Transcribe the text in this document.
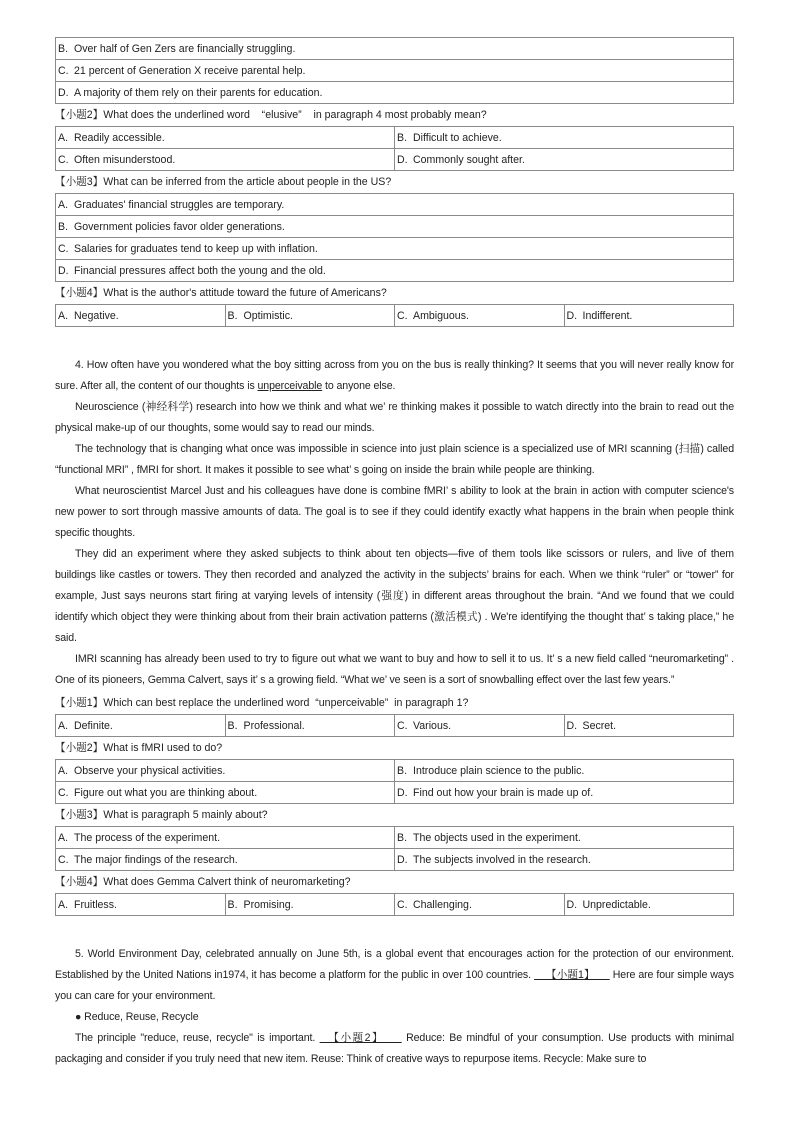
B. Over half of Gen Zers are financially struggling.
C. 21 percent of Generation X receive parental help.
D. A majority of them rely on their parents for education.
【小题2】What does the underlined word    “elusive”    in paragraph 4 most probably mean?
A. Readily accessible.	B. Difficult to achieve.
C. Often misunderstood.	D. Commonly sought after.
【小题3】What can be inferred from the article about people in the US?
A. Graduates' financial struggles are temporary.
B. Government policies favor older generations.
C. Salaries for graduates tend to keep up with inflation.
D. Financial pressures affect both the young and the old.
【小题4】What is the author's attitude toward the future of Americans?
A. Negative.	B. Optimistic.	C. Ambiguous.	D. Indifferent.
4. How often have you wondered what the boy sitting across from you on the bus is really thinking? It seems that you will never really know for sure. After all, the content of our thoughts is unperceivable to anyone else.
Neuroscience (神经科学) research into how we think and what we’ re thinking makes it possible to watch directly into the brain to read out the physical make-up of our thoughts, some would say to read our minds.
The technology that is changing what once was impossible in science into just plain science is a specialized use of MRI scanning (扫描) called “functional MRI” , fMRI for short. It makes it possible to see what’ s going on inside the brain while people are thinking.
What neuroscientist Marcel Just and his colleagues have done is combine fMRI’ s ability to look at the brain in action with computer science's new power to sort through massive amounts of data. The goal is to see if they could identify exactly what happens in the brain when people think specific thoughts.
They did an experiment where they asked subjects to think about ten objects—five of them tools like scissors or rulers, and live of them buildings like castles or towers. They then recorded and analyzed the activity in the subjects’ brains for each. When we think “ruler” or “tower” for example, Just says neurons start firing at varying levels of intensity (强度) in different areas throughout the brain. “And we found that we could identify which object they were thinking about from their brain activation patterns (激活模式) . We're identifying the thought that’ s taking place,” he said.
IMRI scanning has already been used to try to figure out what we want to buy and how to sell it to us. It’ s a new field called “neuromarketing” . One of its pioneers, Gemma Calvert, says it’ s a growing field. “What we’ ve seen is a sort of snowballing effect over the last few years.”
【小题1】Which can best replace the underlined word  “unperceivable”  in paragraph 1?
A. Definite.	B. Professional.	C. Various.	D. Secret.
【小题2】What is fMRI used to do?
A. Observe your physical activities.	B. Introduce plain science to the public.
C. Figure out what you are thinking about.	D. Find out how your brain is made up of.
【小题3】What is paragraph 5 mainly about?
A. The process of the experiment.	B. The objects used in the experiment.
C. The major findings of the research.	D. The subjects involved in the research.
【小题4】What does Gemma Calvert think of neuromarketing?
A. Fruitless.	B. Promising.	C. Challenging.	D. Unpredictable.
5. World Environment Day, celebrated annually on June 5th, is a global event that encourages action for the protection of our environment. Established by the United Nations in1974, it has become a platform for the public in over 100 countries.     【小题1】      Here are four simple ways you can care for your environment.
● Reduce, Reuse, Recycle
The principle "reduce, reuse, recycle" is important.   【小题2】     Reduce: Be mindful of your consumption. Use products with minimal packaging and consider if you truly need that new item. Reuse: Think of creative ways to repurpose items. Recycle: Make sure to
